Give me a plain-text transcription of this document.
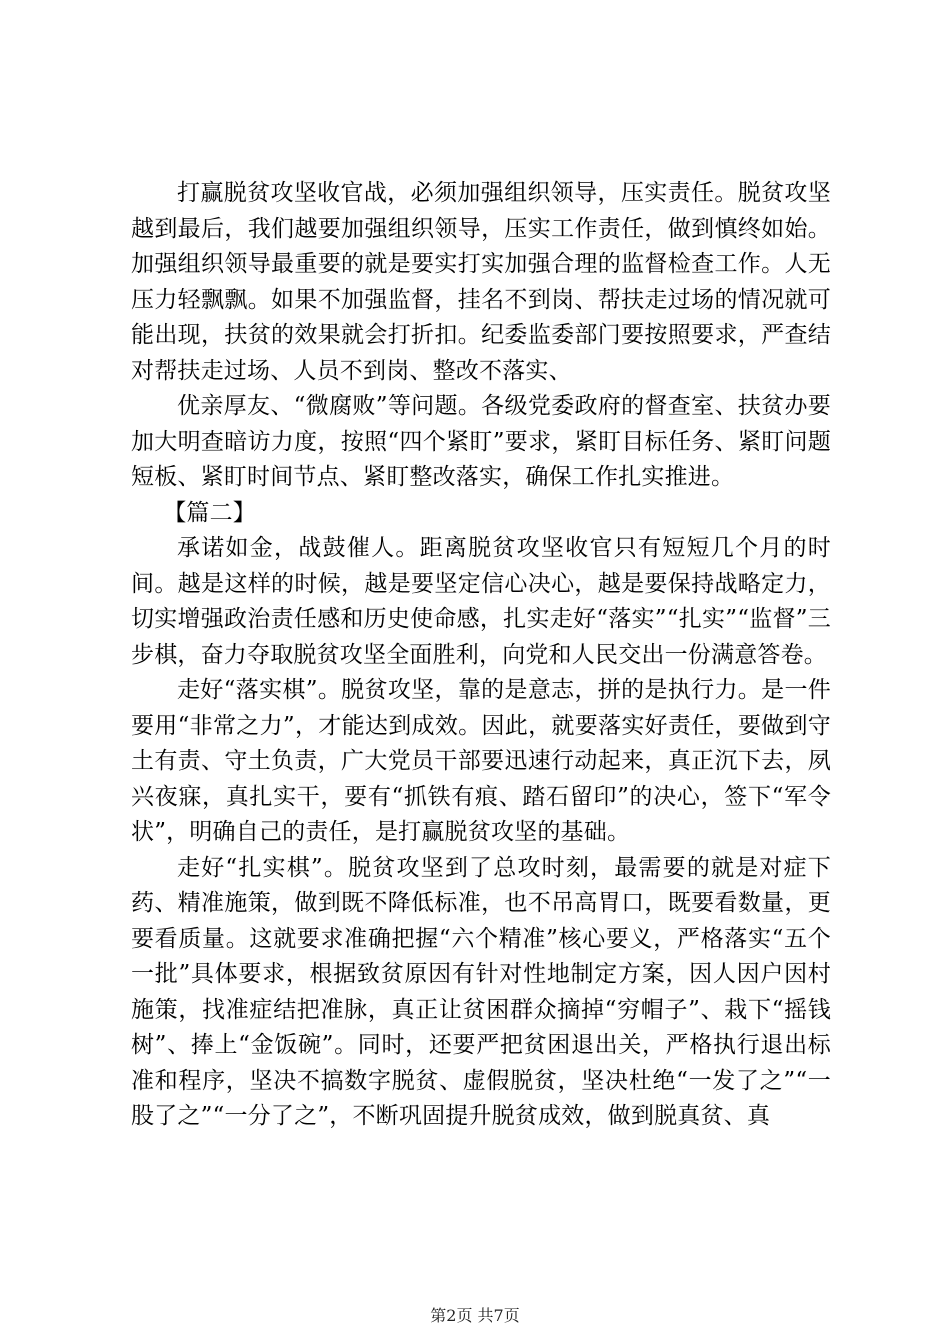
打赢脱贫攻坚收官战，必须加强组织领导，压实责任。脱贫攻坚越到最后，我们越要加强组织领导，压实工作责任，做到慎终如始。加强组织领导最重要的就是要实打实加强合理的监督检查工作。人无压力轻飘飘。如果不加强监督，挂名不到岗、帮扶走过场的情况就可能出现，扶贫的效果就会打折扣。纪委监委部门要按照要求，严查结对帮扶走过场、人员不到岗、整改不落实、

优亲厚友、“微腐败”等问题。各级党委政府的督查室、扶贫办要加大明查暗访力度，按照“四个紧盯”要求，紧盯目标任务、紧盯问题短板、紧盯时间节点、紧盯整改落实，确保工作扎实推进。

【篇二】

承诺如金，战鼓催人。距离脱贫攻坚收官只有短短几个月的时间。越是这样的时候，越是要坚定信心决心，越是要保持战略定力，切实增强政治责任感和历史使命感，扎实走好“落实”“扎实”“监督”三步棋，奋力夺取脱贫攻坚全面胜利，向党和人民交出一份满意答卷。

走好“落实棋”。脱贫攻坚，靠的是意志，拼的是执行力。是一件要用“非常之力”，才能达到成效。因此，就要落实好责任，要做到守土有责、守土负责，广大党员干部要迅速行动起来，真正沉下去，夙兴夜寐，真扎实干，要有“抓铁有痕、踏石留印”的决心，签下“军令状”，明确自己的责任，是打赢脱贫攻坚的基础。

走好“扎实棋”。脱贫攻坚到了总攻时刻，最需要的就是对症下药、精准施策，做到既不降低标准，也不吊高胃口，既要看数量，更要看质量。这就要求准确把握“六个精准”核心要义，严格落实“五个一批”具体要求，根据致贫原因有针对性地制定方案，因人因户因村施策，找准症结把准脉，真正让贫困群众摘掉“穷帽子”、栽下“摇钱树”、捧上“金饭碗”。同时，还要严把贫困退出关，严格执行退出标准和程序，坚决不搞数字脱贫、虚假脱贫，坚决杜绝“一发了之”“一股了之”“一分了之”，不断巩固提升脱贫成效，做到脱真贫、真

第2页 共7页
